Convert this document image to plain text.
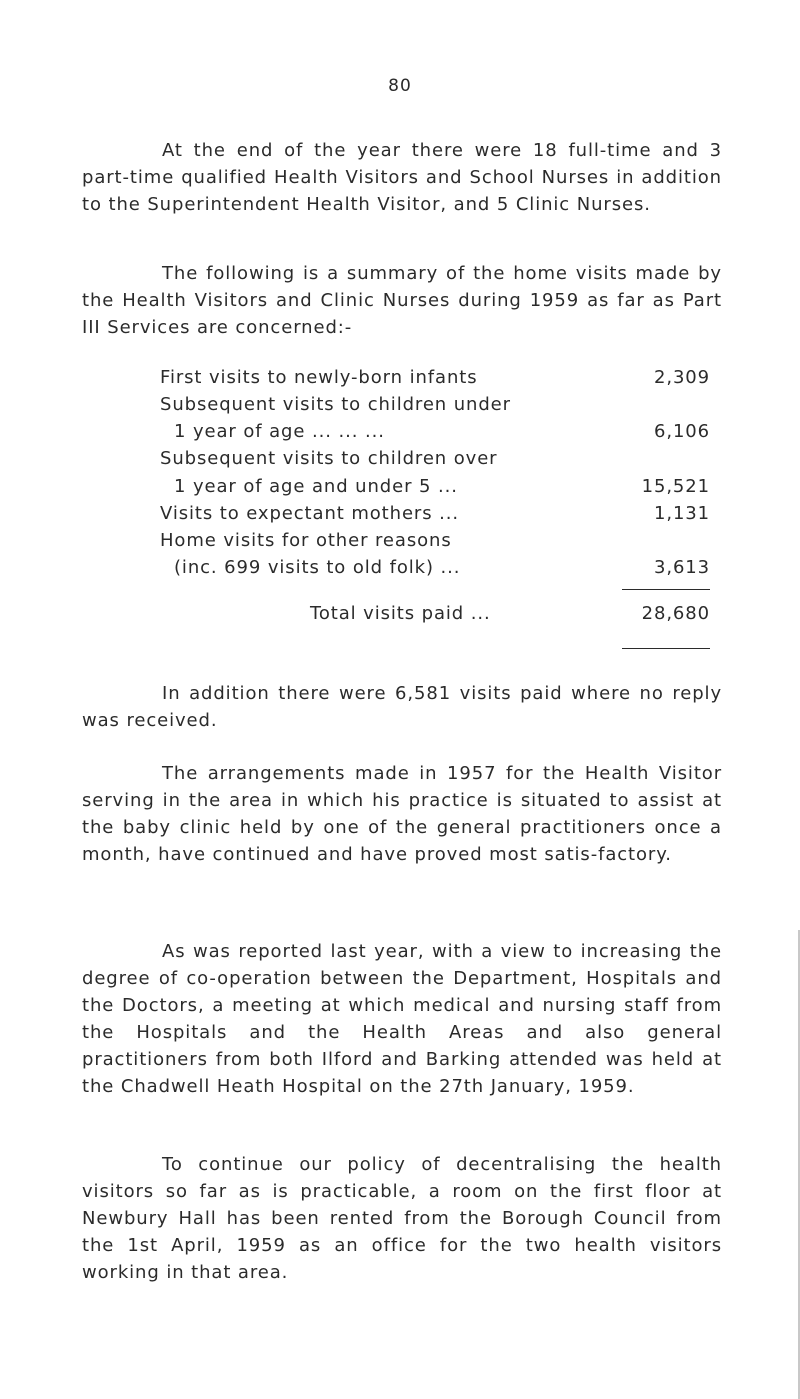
80

At the end of the year there were 18 full-time and 3 part-time qualified Health Visitors and School Nurses in addition to the Superintendent Health Visitor, and 5 Clinic Nurses.

The following is a summary of the home visits made by the Health Visitors and Clinic Nurses during 1959 as far as Part III Services are concerned:-

First visits to newly-born infants	2,309
Subsequent visits to children under
1 year of age ... ... ...	6,106
Subsequent visits to children over
1 year of age and under 5 ...	15,521
Visits to expectant mothers ...	1,131
Home visits for other reasons
(inc. 699 visits to old folk) ...	3,613
Total visits paid ...	28,680

In addition there were 6,581 visits paid where no reply was received.

The arrangements made in 1957 for the Health Visitor serving in the area in which his practice is situated to assist at the baby clinic held by one of the general practitioners once a month, have continued and have proved most satis-factory.

As was reported last year, with a view to increasing the degree of co-operation between the Department, Hospitals and the Doctors, a meeting at which medical and nursing staff from the Hospitals and the Health Areas and also general practitioners from both Ilford and Barking attended was held at the Chadwell Heath Hospital on the 27th January, 1959.

To continue our policy of decentralising the health visitors so far as is practicable, a room on the first floor at Newbury Hall has been rented from the Borough Council from the 1st April, 1959 as an office for the two health visitors working in that area.
